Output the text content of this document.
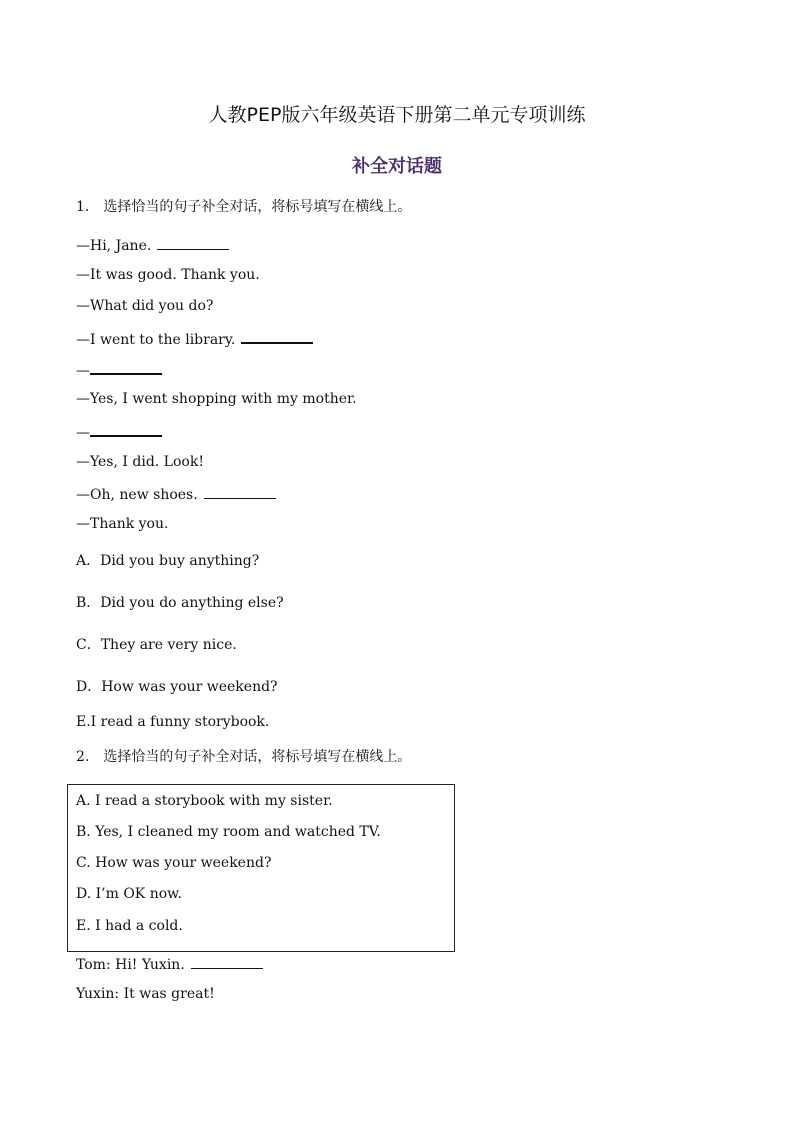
人教PEP版六年级英语下册第二单元专项训练
补全对话题
1. 选择恰当的句子补全对话，将标号填写在横线上。
—Hi, Jane.
—It was good. Thank you.
—What did you do?
—I went to the library.
—
—Yes, I went shopping with my mother.
—
—Yes, I did. Look!
—Oh, new shoes.
—Thank you.
A．Did you buy anything?
B．Did you do anything else?
C．They are very nice.
D．How was your weekend?
E.I read a funny storybook.
2. 选择恰当的句子补全对话，将标号填写在横线上。
A. I read a storybook with my sister.
B. Yes, I cleaned my room and watched TV.
C. How was your weekend?
D. I’m OK now.
E. I had a cold.
Tom: Hi! Yuxin.
Yuxin: It was great!
